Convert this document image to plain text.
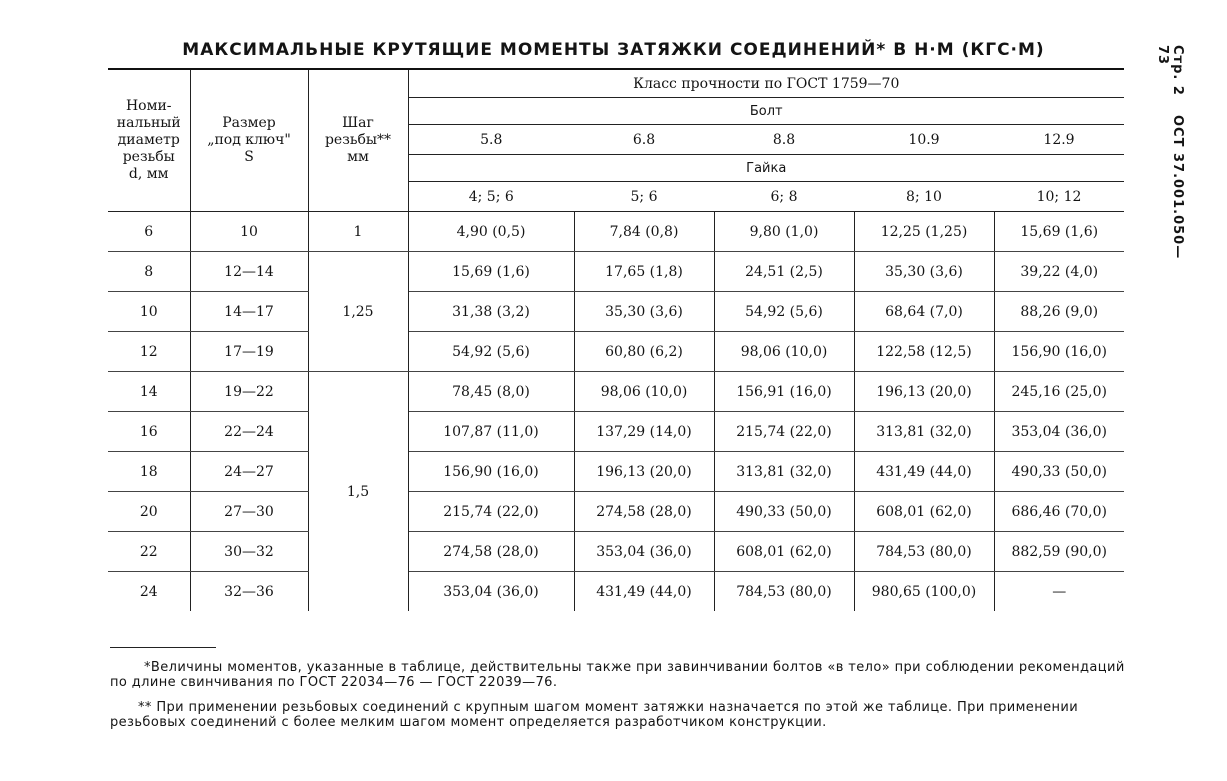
МАКСИМАЛЬНЫЕ КРУТЯЩИЕ МОМЕНТЫ ЗАТЯЖКИ СОЕДИНЕНИЙ* В Н·М (КГС·М)	Стр. 2 ОСТ 37.001.050—73
Номи-
нальный
диаметр
резьбы
d, мм	Размер
„под ключ"
S	Шаг
резьбы**
мм	Класс прочности по ГОСТ 1759—70				
			Болт				
			5.8	6.8	8.8	10.9	12.9
			Гайка				
			4; 5; 6	5; 6	6; 8	8; 10	10; 12
6	10	1	4,90 (0,5)	7,84 (0,8)	9,80 (1,0)	12,25 (1,25)	15,69 (1,6)
8	12—14	1,25	15,69 (1,6)	17,65 (1,8)	24,51 (2,5)	35,30 (3,6)	39,22 (4,0)
10	14—17		31,38 (3,2)	35,30 (3,6)	54,92 (5,6)	68,64 (7,0)	88,26 (9,0)
12	17—19		54,92 (5,6)	60,80 (6,2)	98,06 (10,0)	122,58 (12,5)	156,90 (16,0)
14	19—22	1,5	78,45 (8,0)	98,06 (10,0)	156,91 (16,0)	196,13 (20,0)	245,16 (25,0)
16	22—24		107,87 (11,0)	137,29 (14,0)	215,74 (22,0)	313,81 (32,0)	353,04 (36,0)
18	24—27		156,90 (16,0)	196,13 (20,0)	313,81 (32,0)	431,49 (44,0)	490,33 (50,0)
20	27—30		215,74 (22,0)	274,58 (28,0)	490,33 (50,0)	608,01 (62,0)	686,46 (70,0)
22	30—32		274,58 (28,0)	353,04 (36,0)	608,01 (62,0)	784,53 (80,0)	882,59 (90,0)
24	32—36		353,04 (36,0)	431,49 (44,0)	784,53 (80,0)	980,65 (100,0)	—
*Величины моментов, указанные в таблице, действительны также при завинчивании болтов «в тело» при соблюдении рекомендаций по длине свинчивания по ГОСТ 22034—76 — ГОСТ 22039—76.
** При применении резьбовых соединений с крупным шагом момент затяжки назначается по этой же таблице. При применении резьбовых соединений с более мелким шагом момент определяется разработчиком конструкции.
